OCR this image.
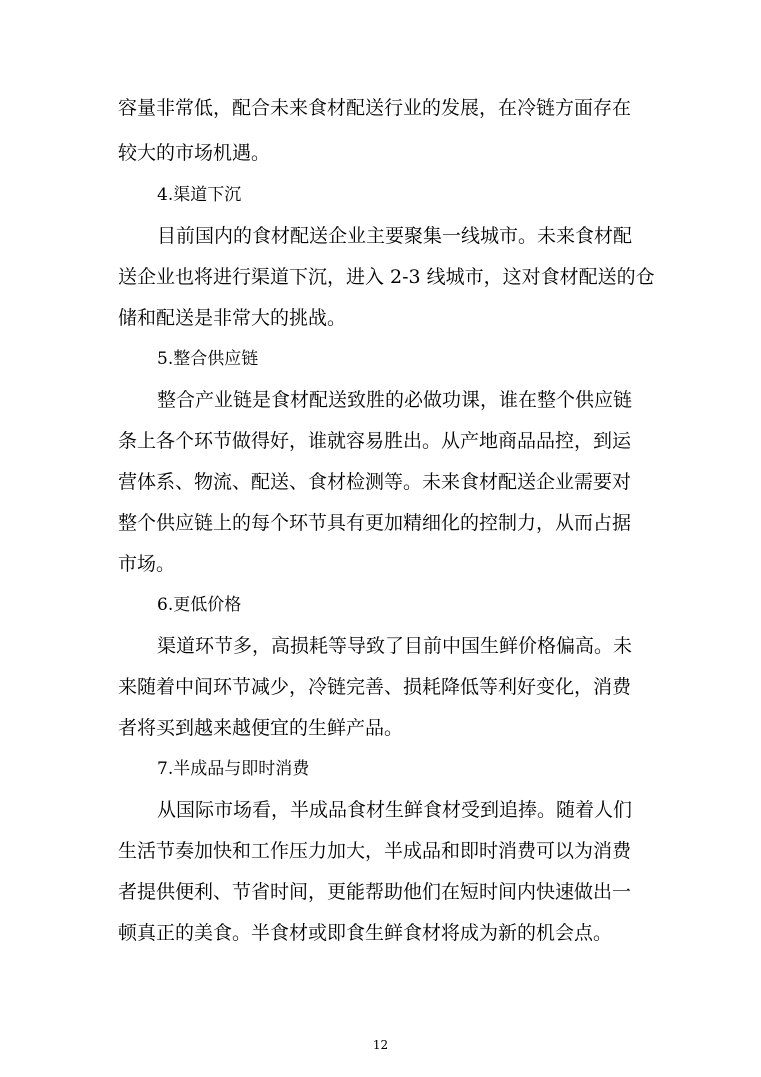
容量非常低，配合未来食材配送行业的发展，在冷链方面存在
较大的市场机遇。
4.渠道下沉
目前国内的食材配送企业主要聚集一线城市。未来食材配
送企业也将进行渠道下沉，进入 2-3 线城市，这对食材配送的仓
储和配送是非常大的挑战。
5.整合供应链
整合产业链是食材配送致胜的必做功课，谁在整个供应链
条上各个环节做得好，谁就容易胜出。从产地商品品控，到运
营体系、物流、配送、食材检测等。未来食材配送企业需要对
整个供应链上的每个环节具有更加精细化的控制力，从而占据
市场。
6.更低价格
渠道环节多，高损耗等导致了目前中国生鲜价格偏高。未
来随着中间环节减少，冷链完善、损耗降低等利好变化，消费
者将买到越来越便宜的生鲜产品。
7.半成品与即时消费
从国际市场看，半成品食材生鲜食材受到追捧。随着人们
生活节奏加快和工作压力加大，半成品和即时消费可以为消费
者提供便利、节省时间，更能帮助他们在短时间内快速做出一
顿真正的美食。半食材或即食生鲜食材将成为新的机会点。
12
